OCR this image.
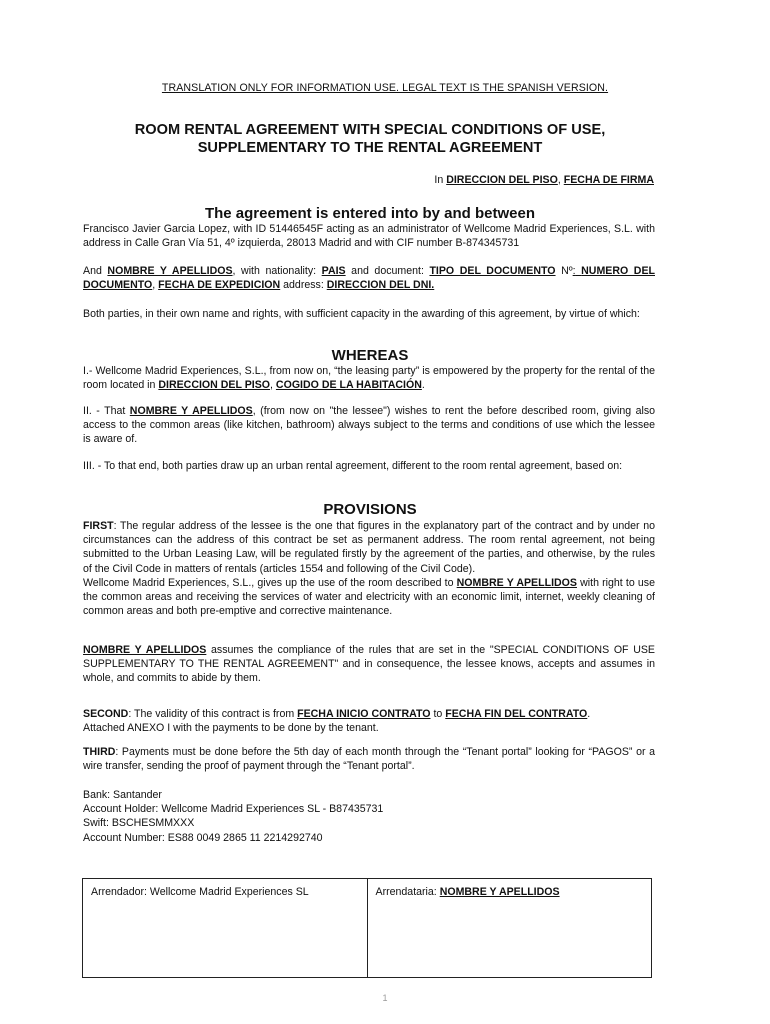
TRANSLATION ONLY FOR INFORMATION USE. LEGAL TEXT IS THE SPANISH VERSION.
ROOM RENTAL AGREEMENT WITH SPECIAL CONDITIONS OF USE,
SUPPLEMENTARY TO THE RENTAL AGREEMENT
In DIRECCION DEL PISO, FECHA DE FIRMA
The agreement is entered into by and between

Francisco Javier Garcia Lopez, with ID 51446545F acting as an administrator of Wellcome Madrid Experiences, S.L. with address in Calle Gran Vía 51, 4º izquierda, 28013 Madrid and with CIF number B-874345731

And NOMBRE Y APELLIDOS, with nationality: PAIS and document: TIPO DEL DOCUMENTO Nº: NUMERO DEL DOCUMENTO, FECHA DE EXPEDICION address: DIRECCION DEL DNI.

Both parties, in their own name and rights, with sufficient capacity in the awarding of this agreement, by virtue of which:

WHEREAS

I.- Wellcome Madrid Experiences, S.L., from now on, “the leasing party” is empowered by the property for the rental of the room located in DIRECCION DEL PISO, COGIDO DE LA HABITACIÓN.

II. - That NOMBRE Y APELLIDOS, (from now on "the lessee") wishes to rent the before described room, giving also access to the common areas (like kitchen, bathroom) always subject to the terms and conditions of use which the lessee is aware of.

III. - To that end, both parties draw up an urban rental agreement, different to the room rental agreement, based on:

PROVISIONS

FIRST: The regular address of the lessee is the one that figures in the explanatory part of the contract and by under no circumstances can the address of this contract be set as permanent address. The room rental agreement, not being submitted to the Urban Leasing Law, will be regulated firstly by the agreement of the parties, and otherwise, by the rules of the Civil Code in matters of rentals (articles 1554 and following of the Civil Code).

Wellcome Madrid Experiences, S.L., gives up the use of the room described to NOMBRE Y APELLIDOS with right to use the common areas and receiving the services of water and electricity with an economic limit, internet, weekly cleaning of common areas and both pre-emptive and corrective maintenance.

NOMBRE Y APELLIDOS assumes the compliance of the rules that are set in the "SPECIAL CONDITIONS OF USE SUPPLEMENTARY TO THE RENTAL AGREEMENT" and in consequence, the lessee knows, accepts and assumes in whole, and commits to abide by them.

SECOND: The validity of this contract is from FECHA INICIO CONTRATO to FECHA FIN DEL CONTRATO.

Attached ANEXO I with the payments to be done by the tenant.

THIRD: Payments must be done before the 5th day of each month through the “Tenant portal” looking for “PAGOS” or a wire transfer, sending the proof of payment through the “Tenant portal”.

Bank: Santander

Account Holder: Wellcome Madrid Experiences SL - B87435731

Swift: BSCHESMMXXX

Account Number: ES88 0049 2865 11 2214292740

Arrendador: Wellcome Madrid Experiences SL	Arrendataria: NOMBRE Y APELLIDOS
1
